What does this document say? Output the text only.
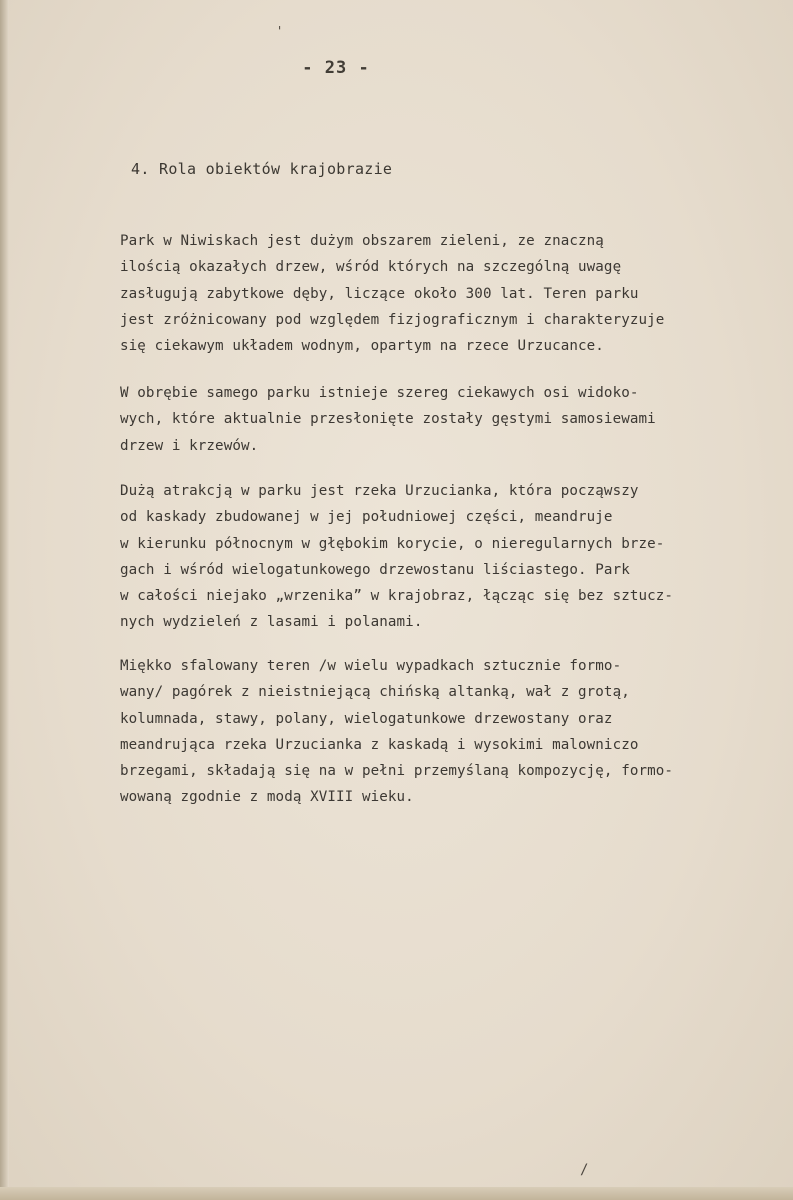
'
- 23 -
4. Rola obiektów krajobrazie
Park w Niwiskach jest dużym obszarem zieleni, ze znaczną
ilością okazałych drzew, wśród których na szczególną uwagę
zasługują zabytkowe dęby, liczące około 300 lat. Teren parku
jest zróżnicowany pod względem fizjograficznym i charakteryzuje
się ciekawym układem wodnym, opartym na rzece Urzucance.
W obrębie samego parku istnieje szereg ciekawych osi widoko-
wych, które aktualnie przesłonięte zostały gęstymi samosiewami
drzew i krzewów.
Dużą atrakcją w parku jest rzeka Urzucianka, która począwszy
od kaskady zbudowanej w jej południowej części, meandruje
w kierunku północnym w głębokim korycie, o nieregularnych brze-
gach i wśród wielogatunkowego drzewostanu liściastego. Park
w całości niejako „wrzenika” w krajobraz, łącząc się bez sztucz-
nych wydzieleń z lasami i polanami.
Miękko sfalowany teren /w wielu wypadkach sztucznie formo-
wany/ pagórek z nieistniejącą chińską altanką, wał z grotą,
kolumnada, stawy, polany, wielogatunkowe drzewostany oraz
meandrująca rzeka Urzucianka z kaskadą i wysokimi malowniczo
brzegami, składają się na w pełni przemyślaną kompozycję, formo-
wowaną zgodnie z modą XVIII wieku.
/
